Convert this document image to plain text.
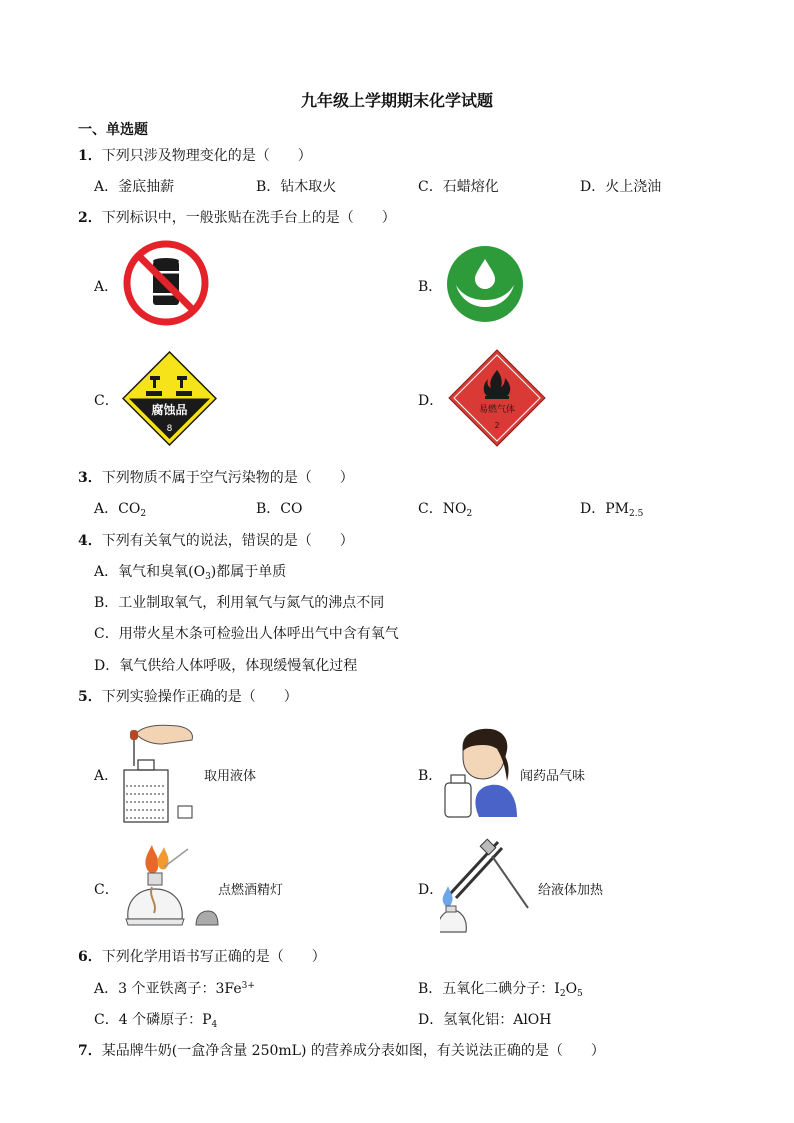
九年级上学期期末化学试题
一、单选题
1．下列只涉及物理变化的是（　　）
A．釜底抽薪	B．钻木取火	C．石蜡熔化	D．火上浇油
2．下列标识中，一般张贴在洗手台上的是（　　）
A．	B．
C．
腐蚀品
8
D．
易燃气体
2
3．下列物质不属于空气污染物的是（　　）
A．$CO_2$	B．CO	C．$NO_2$	D．$PM_{2.5}$
4．下列有关氧气的说法，错误的是（　　）
A．氧气和臭氧$(O_3)$都属于单质
B．工业制取氧气，利用氧气与氮气的沸点不同
C．用带火星木条可检验出人体呼出气中含有氧气
D．氧气供给人体呼吸，体现缓慢氧化过程
5．下列实验操作正确的是（　　）
A．	取用液体	B．	闻药品气味
C．	点燃酒精灯	D．	给液体加热
6．下列化学用语书写正确的是（　　）
A．3 个亚铁离子：$3Fe^{3+}$	B．五氧化二碘分子：$I_2O_5$
C．4 个磷原子：$P_4$	D．氢氧化铝：AlOH
7．某品牌牛奶(一盒净含量 250mL) 的营养成分表如图，有关说法正确的是（　　）
